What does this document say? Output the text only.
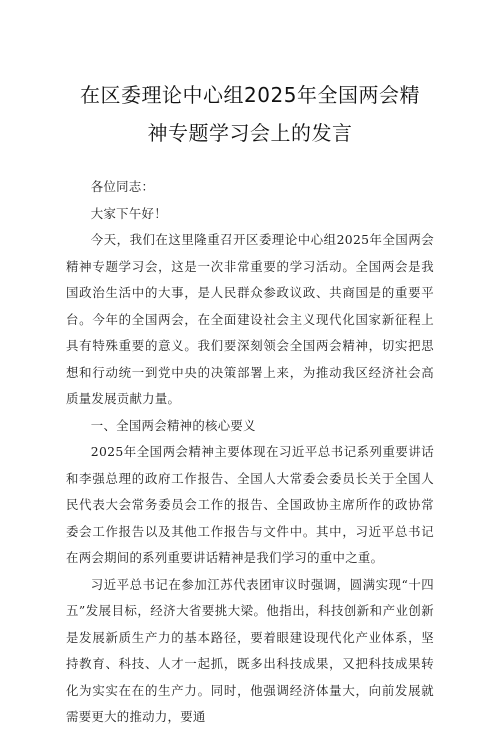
在区委理论中心组2025年全国两会精
神专题学习会上的发言

各位同志：

大家下午好！

今天，我们在这里隆重召开区委理论中心组2025年全国两会精神专题学习会，这是一次非常重要的学习活动。全国两会是我国政治生活中的大事，是人民群众参政议政、共商国是的重要平台。今年的全国两会，在全面建设社会主义现代化国家新征程上具有特殊重要的意义。我们要深刻领会全国两会精神，切实把思想和行动统一到党中央的决策部署上来，为推动我区经济社会高质量发展贡献力量。

一、全国两会精神的核心要义

2025年全国两会精神主要体现在习近平总书记系列重要讲话和李强总理的政府工作报告、全国人大常委会委员长关于全国人民代表大会常务委员会工作的报告、全国政协主席所作的政协常委会工作报告以及其他工作报告与文件中。其中，习近平总书记在两会期间的系列重要讲话精神是我们学习的重中之重。

习近平总书记在参加江苏代表团审议时强调，圆满实现“十四五”发展目标，经济大省要挑大梁。他指出，科技创新和产业创新是发展新质生产力的基本路径，要着眼建设现代化产业体系，坚持教育、科技、人才一起抓，既多出科技成果，又把科技成果转化为实实在在的生产力。同时，他强调经济体量大，向前发展就需要更大的推动力，要通
